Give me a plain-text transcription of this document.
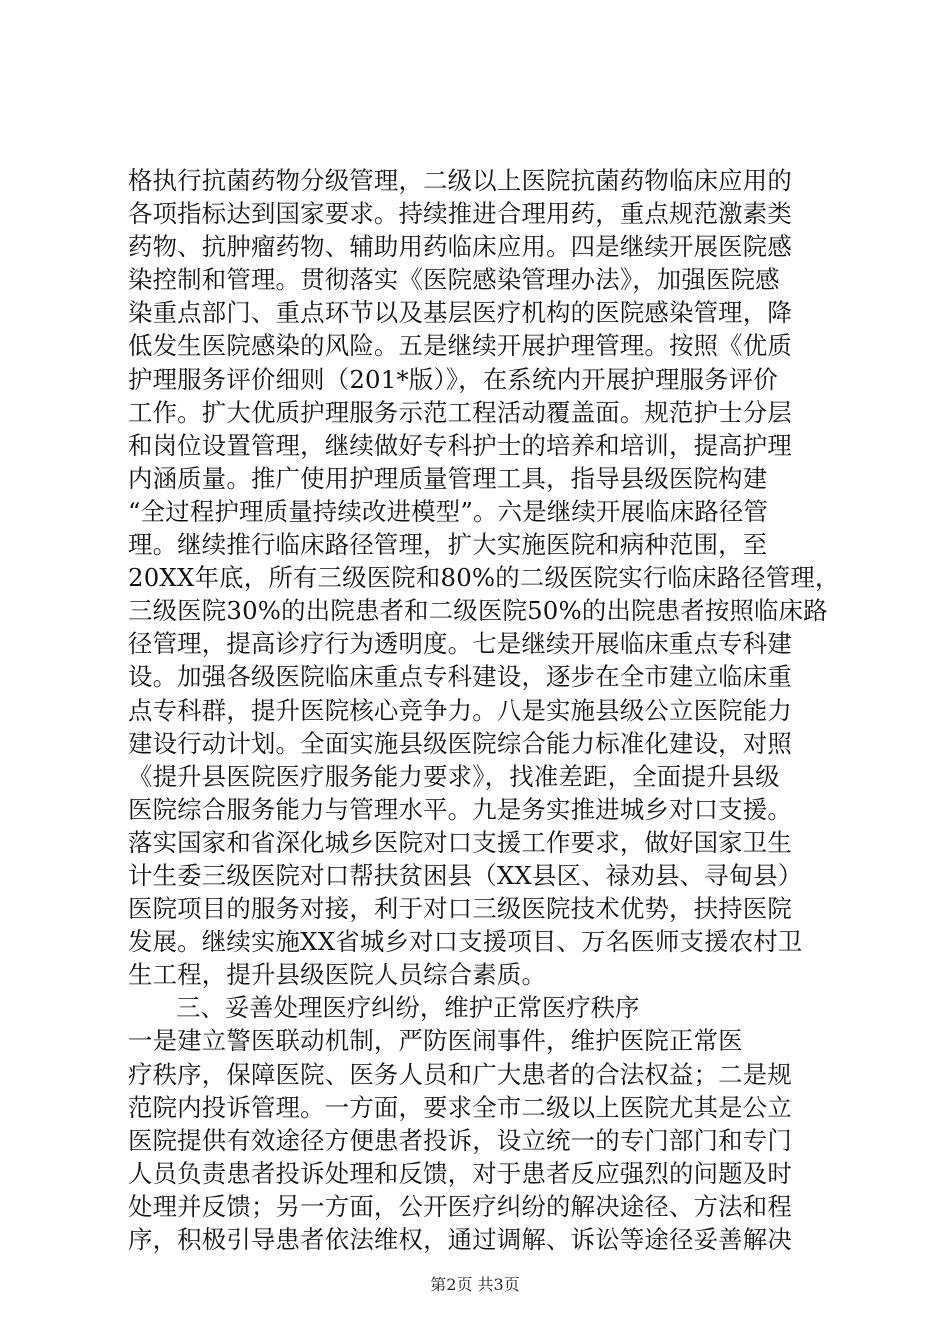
格执行抗菌药物分级管理，二级以上医院抗菌药物临床应用的
各项指标达到国家要求。持续推进合理用药，重点规范激素类
药物、抗肿瘤药物、辅助用药临床应用。四是继续开展医院感
染控制和管理。贯彻落实《医院感染管理办法》，加强医院感
染重点部门、重点环节以及基层医疗机构的医院感染管理，降
低发生医院感染的风险。五是继续开展护理管理。按照《优质
护理服务评价细则（201*版）》，在系统内开展护理服务评价
工作。扩大优质护理服务示范工程活动覆盖面。规范护士分层
和岗位设置管理，继续做好专科护士的培养和培训，提高护理
内涵质量。推广使用护理质量管理工具，指导县级医院构建
“全过程护理质量持续改进模型”。六是继续开展临床路径管
理。继续推行临床路径管理，扩大实施医院和病种范围，至
20XX年底，所有三级医院和80%的二级医院实行临床路径管理，
三级医院30%的出院患者和二级医院50%的出院患者按照临床路
径管理，提高诊疗行为透明度。七是继续开展临床重点专科建
设。加强各级医院临床重点专科建设，逐步在全市建立临床重
点专科群，提升医院核心竞争力。八是实施县级公立医院能力
建设行动计划。全面实施县级医院综合能力标准化建设，对照
《提升县医院医疗服务能力要求》，找准差距，全面提升县级
医院综合服务能力与管理水平。九是务实推进城乡对口支援。
落实国家和省深化城乡医院对口支援工作要求，做好国家卫生
计生委三级医院对口帮扶贫困县（XX县区、禄劝县、寻甸县）
医院项目的服务对接，利于对口三级医院技术优势，扶持医院
发展。继续实施XX省城乡对口支援项目、万名医师支援农村卫
生工程，提升县级医院人员综合素质。
三、妥善处理医疗纠纷，维护正常医疗秩序
一是建立警医联动机制，严防医闹事件，维护医院正常医
疗秩序，保障医院、医务人员和广大患者的合法权益；二是规
范院内投诉管理。一方面，要求全市二级以上医院尤其是公立
医院提供有效途径方便患者投诉，设立统一的专门部门和专门
人员负责患者投诉处理和反馈，对于患者反应强烈的问题及时
处理并反馈；另一方面，公开医疗纠纷的解决途径、方法和程
序，积极引导患者依法维权，通过调解、诉讼等途径妥善解决
第2页 共3页
